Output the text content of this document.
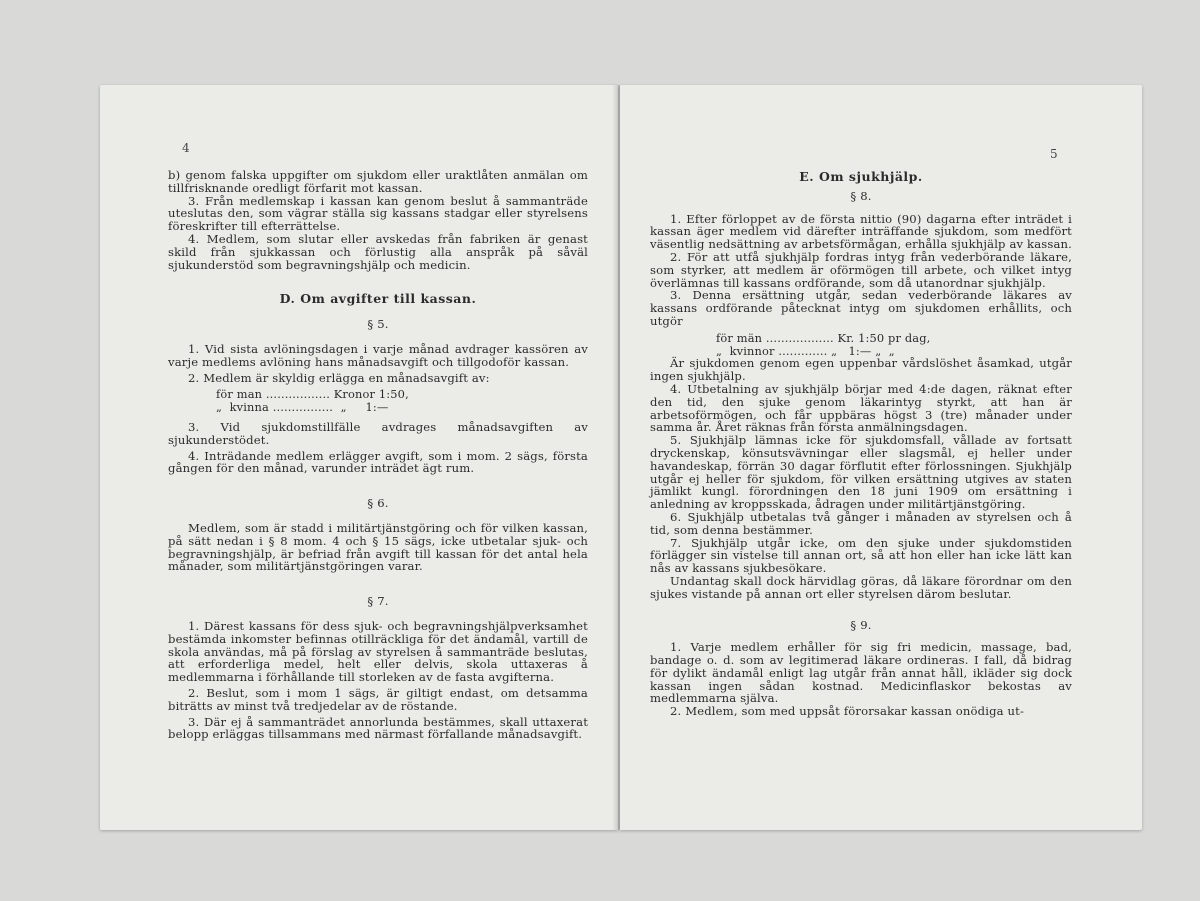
4

b) genom falska uppgifter om sjukdom eller uraktlåten anmälan om tillfrisknande oredligt förfarit mot kassan.

3. Från medlemskap i kassan kan genom beslut å sammanträde uteslutas den, som vägrar ställa sig kassans stadgar eller styrelsens föreskrifter till efterrättelse.

4. Medlem, som slutar eller avskedas från fabriken är genast skild från sjukkassan och förlustig alla anspråk på såväl sjukunderstöd som begravningshjälp och medicin.

D. Om avgifter till kassan.

§ 5.

1. Vid sista avlöningsdagen i varje månad avdrager kassören av varje medlems avlöning hans månadsavgift och tillgodoför kassan.

2. Medlem är skyldig erlägga en månadsavgift av:

för man ................. Kronor 1:50,

„  kvinna ................  „     1:—

3. Vid sjukdomstillfälle avdrages månadsavgiften av sjukunderstödet.

4. Inträdande medlem erlägger avgift, som i mom. 2 sägs, första gången för den månad, varunder inträdet ägt rum.

§ 6.

Medlem, som är stadd i militärtjänstgöring och för vilken kassan, på sätt nedan i § 8 mom. 4 och § 15 sägs, icke utbetalar sjuk- och begravningshjälp, är befriad från avgift till kassan för det antal hela månader, som militärtjänstgöringen varar.

§ 7.

1. Därest kassans för dess sjuk- och begravningshjälpverksamhet bestämda inkomster befinnas otillräckliga för det ändamål, vartill de skola användas, må på förslag av styrelsen å sammanträde beslutas, att erforderliga medel, helt eller delvis, skola uttaxeras å medlemmarna i förhållande till storleken av de fasta avgifterna.

2. Beslut, som i mom 1 sägs, är giltigt endast, om detsamma biträtts av minst två tredjedelar av de röstande.

3. Där ej å sammanträdet annorlunda bestämmes, skall uttaxerat belopp erläggas tillsammans med närmast förfallande månadsavgift.

5

E. Om sjukhjälp.

§ 8.

1. Efter förloppet av de första nittio (90) dagarna efter inträdet i kassan äger medlem vid därefter inträffande sjukdom, som medfört väsentlig nedsättning av arbetsförmågan, erhålla sjukhjälp av kassan.

2. För att utfå sjukhjälp fordras intyg från vederbörande läkare, som styrker, att medlem är oförmögen till arbete, och vilket intyg överlämnas till kassans ordförande, som då utanordnar sjukhjälp.

3. Denna ersättning utgår, sedan vederbörande läkares av kassans ordförande påtecknat intyg om sjukdomen erhållits, och utgör

för män .................. Kr. 1:50 pr dag,

„  kvinnor ............. „   1:— „  „

Är sjukdomen genom egen uppenbar vårdslöshet åsamkad, utgår ingen sjukhjälp.

4. Utbetalning av sjukhjälp börjar med 4:de dagen, räknat efter den tid, den sjuke genom läkarintyg styrkt, att han är arbetsoförmögen, och får uppbäras högst 3 (tre) månader under samma år. Året räknas från första anmälningsdagen.

5. Sjukhjälp lämnas icke för sjukdomsfall, vållade av fortsatt dryckenskap, könsutsvävningar eller slagsmål, ej heller under havandeskap, förrän 30 dagar förflutit efter förlossningen. Sjukhjälp utgår ej heller för sjukdom, för vilken ersättning utgives av staten jämlikt kungl. förordningen den 18 juni 1909 om ersättning i anledning av kroppsskada, ådragen under militärtjänstgöring.

6. Sjukhjälp utbetalas två gånger i månaden av styrelsen och å tid, som denna bestämmer.

7. Sjukhjälp utgår icke, om den sjuke under sjukdomstiden förlägger sin vistelse till annan ort, så att hon eller han icke lätt kan nås av kassans sjukbesökare.

Undantag skall dock härvidlag göras, då läkare förordnar om den sjukes vistande på annan ort eller styrelsen därom beslutar.

§ 9.

1. Varje medlem erhåller för sig fri medicin, massage, bad, bandage o. d. som av legitimerad läkare ordineras. I fall, då bidrag för dylikt ändamål enligt lag utgår från annat håll, ikläder sig dock kassan ingen sådan kostnad. Medicinflaskor bekostas av medlemmarna själva.

2. Medlem, som med uppsåt förorsakar kassan onödiga ut-
